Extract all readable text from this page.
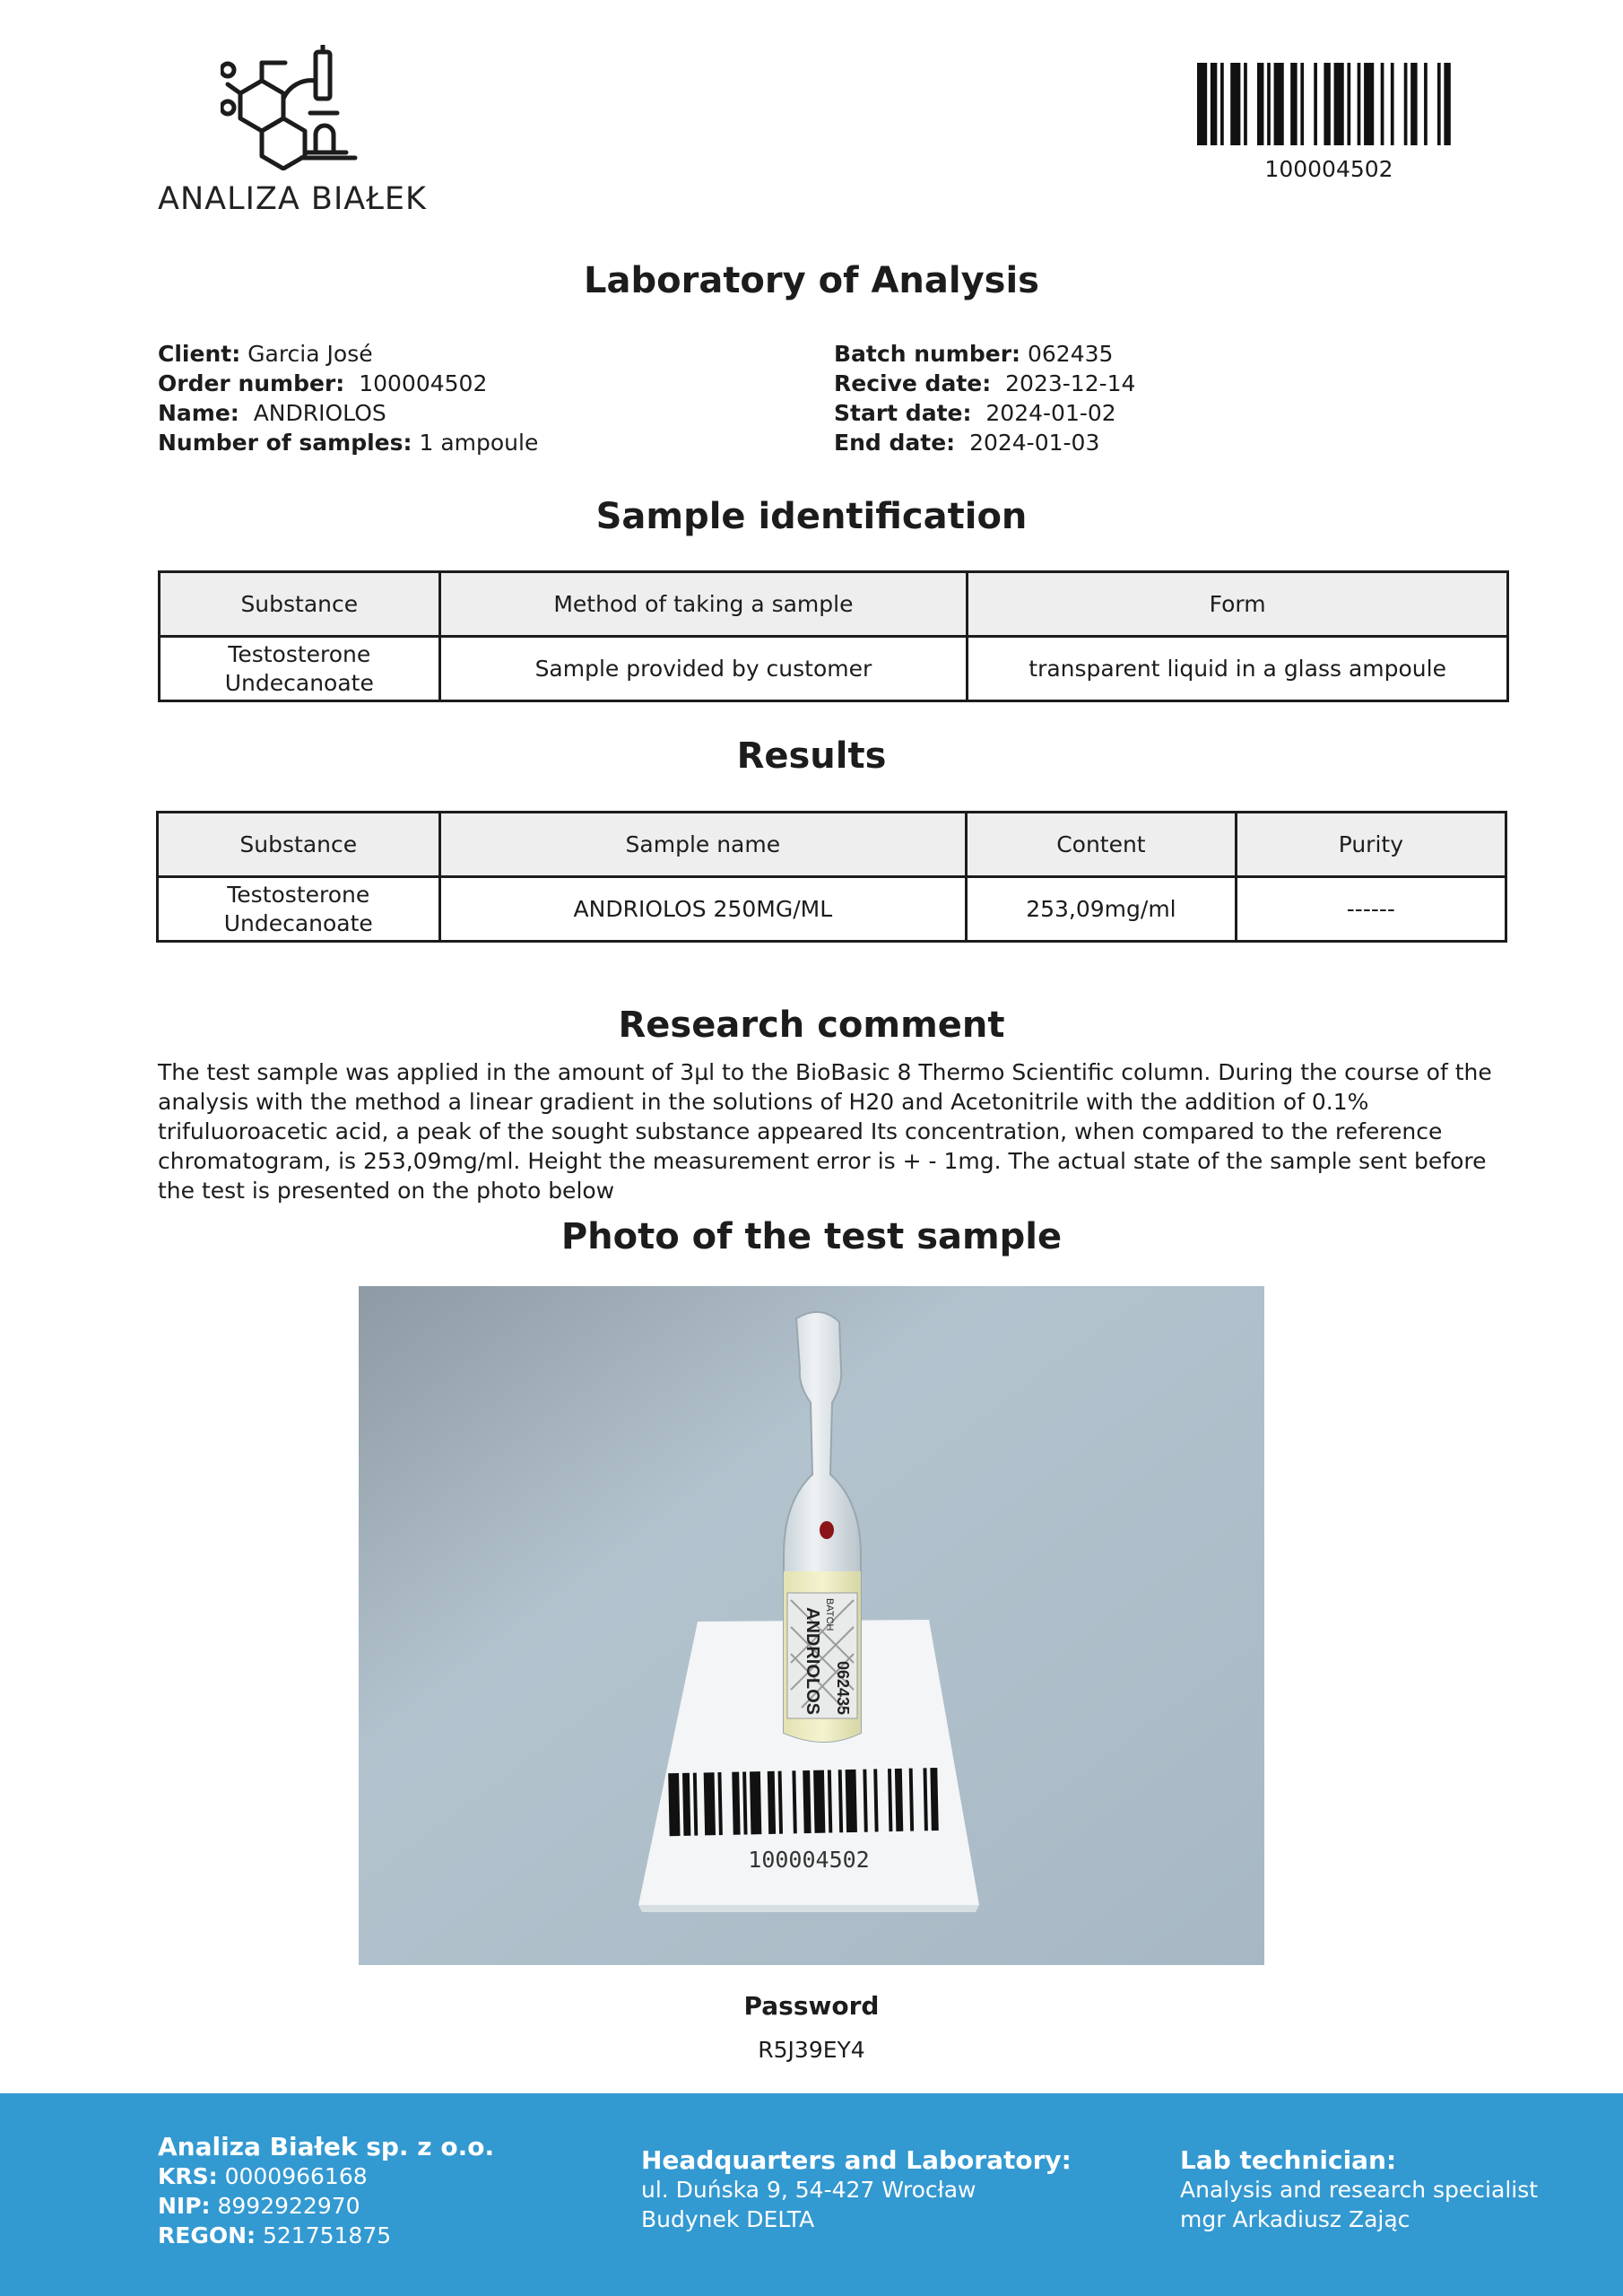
ANALIZA BIAŁEK
100004502
Laboratory of Analysis
Client: Garcia José
Order number: 100004502
Name: ANDRIOLOS
Number of samples: 1 ampoule
Batch number: 062435
Recive date: 2023-12-14
Start date: 2024-01-02
End date: 2024-01-03
Sample identification
Substance	Method of taking a sample	Form
Testosterone Undecanoate	Sample provided by customer	transparent liquid in a glass ampoule
Results
Substance	Sample name	Content	Purity
Testosterone Undecanoate	ANDRIOLOS 250MG/ML	253,09mg/ml	------
Research comment
The test sample was applied in the amount of 3µl to the BioBasic 8 Thermo Scientific column. During the course of the analysis with the method a linear gradient in the solutions of H20 and Acetonitrile with the addition of 0.1% trifuluoroacetic acid, a peak of the sought substance appeared Its concentration, when compared to the reference chromatogram, is 253,09mg/ml. Height the measurement error is + - 1mg. The actual state of the sample sent before the test is presented on the photo below
Photo of the test sample
ANDRIOLOS BATCH
062435
100004502
Password
R5J39EY4
Analiza Białek sp. z o.o.
KRS: 0000966168
NIP: 8992922970
REGON: 521751875
Headquarters and Laboratory:
ul. Duńska 9, 54-427 Wrocław
Budynek DELTA
Lab technician:
Analysis and research specialist
mgr Arkadiusz Zając
